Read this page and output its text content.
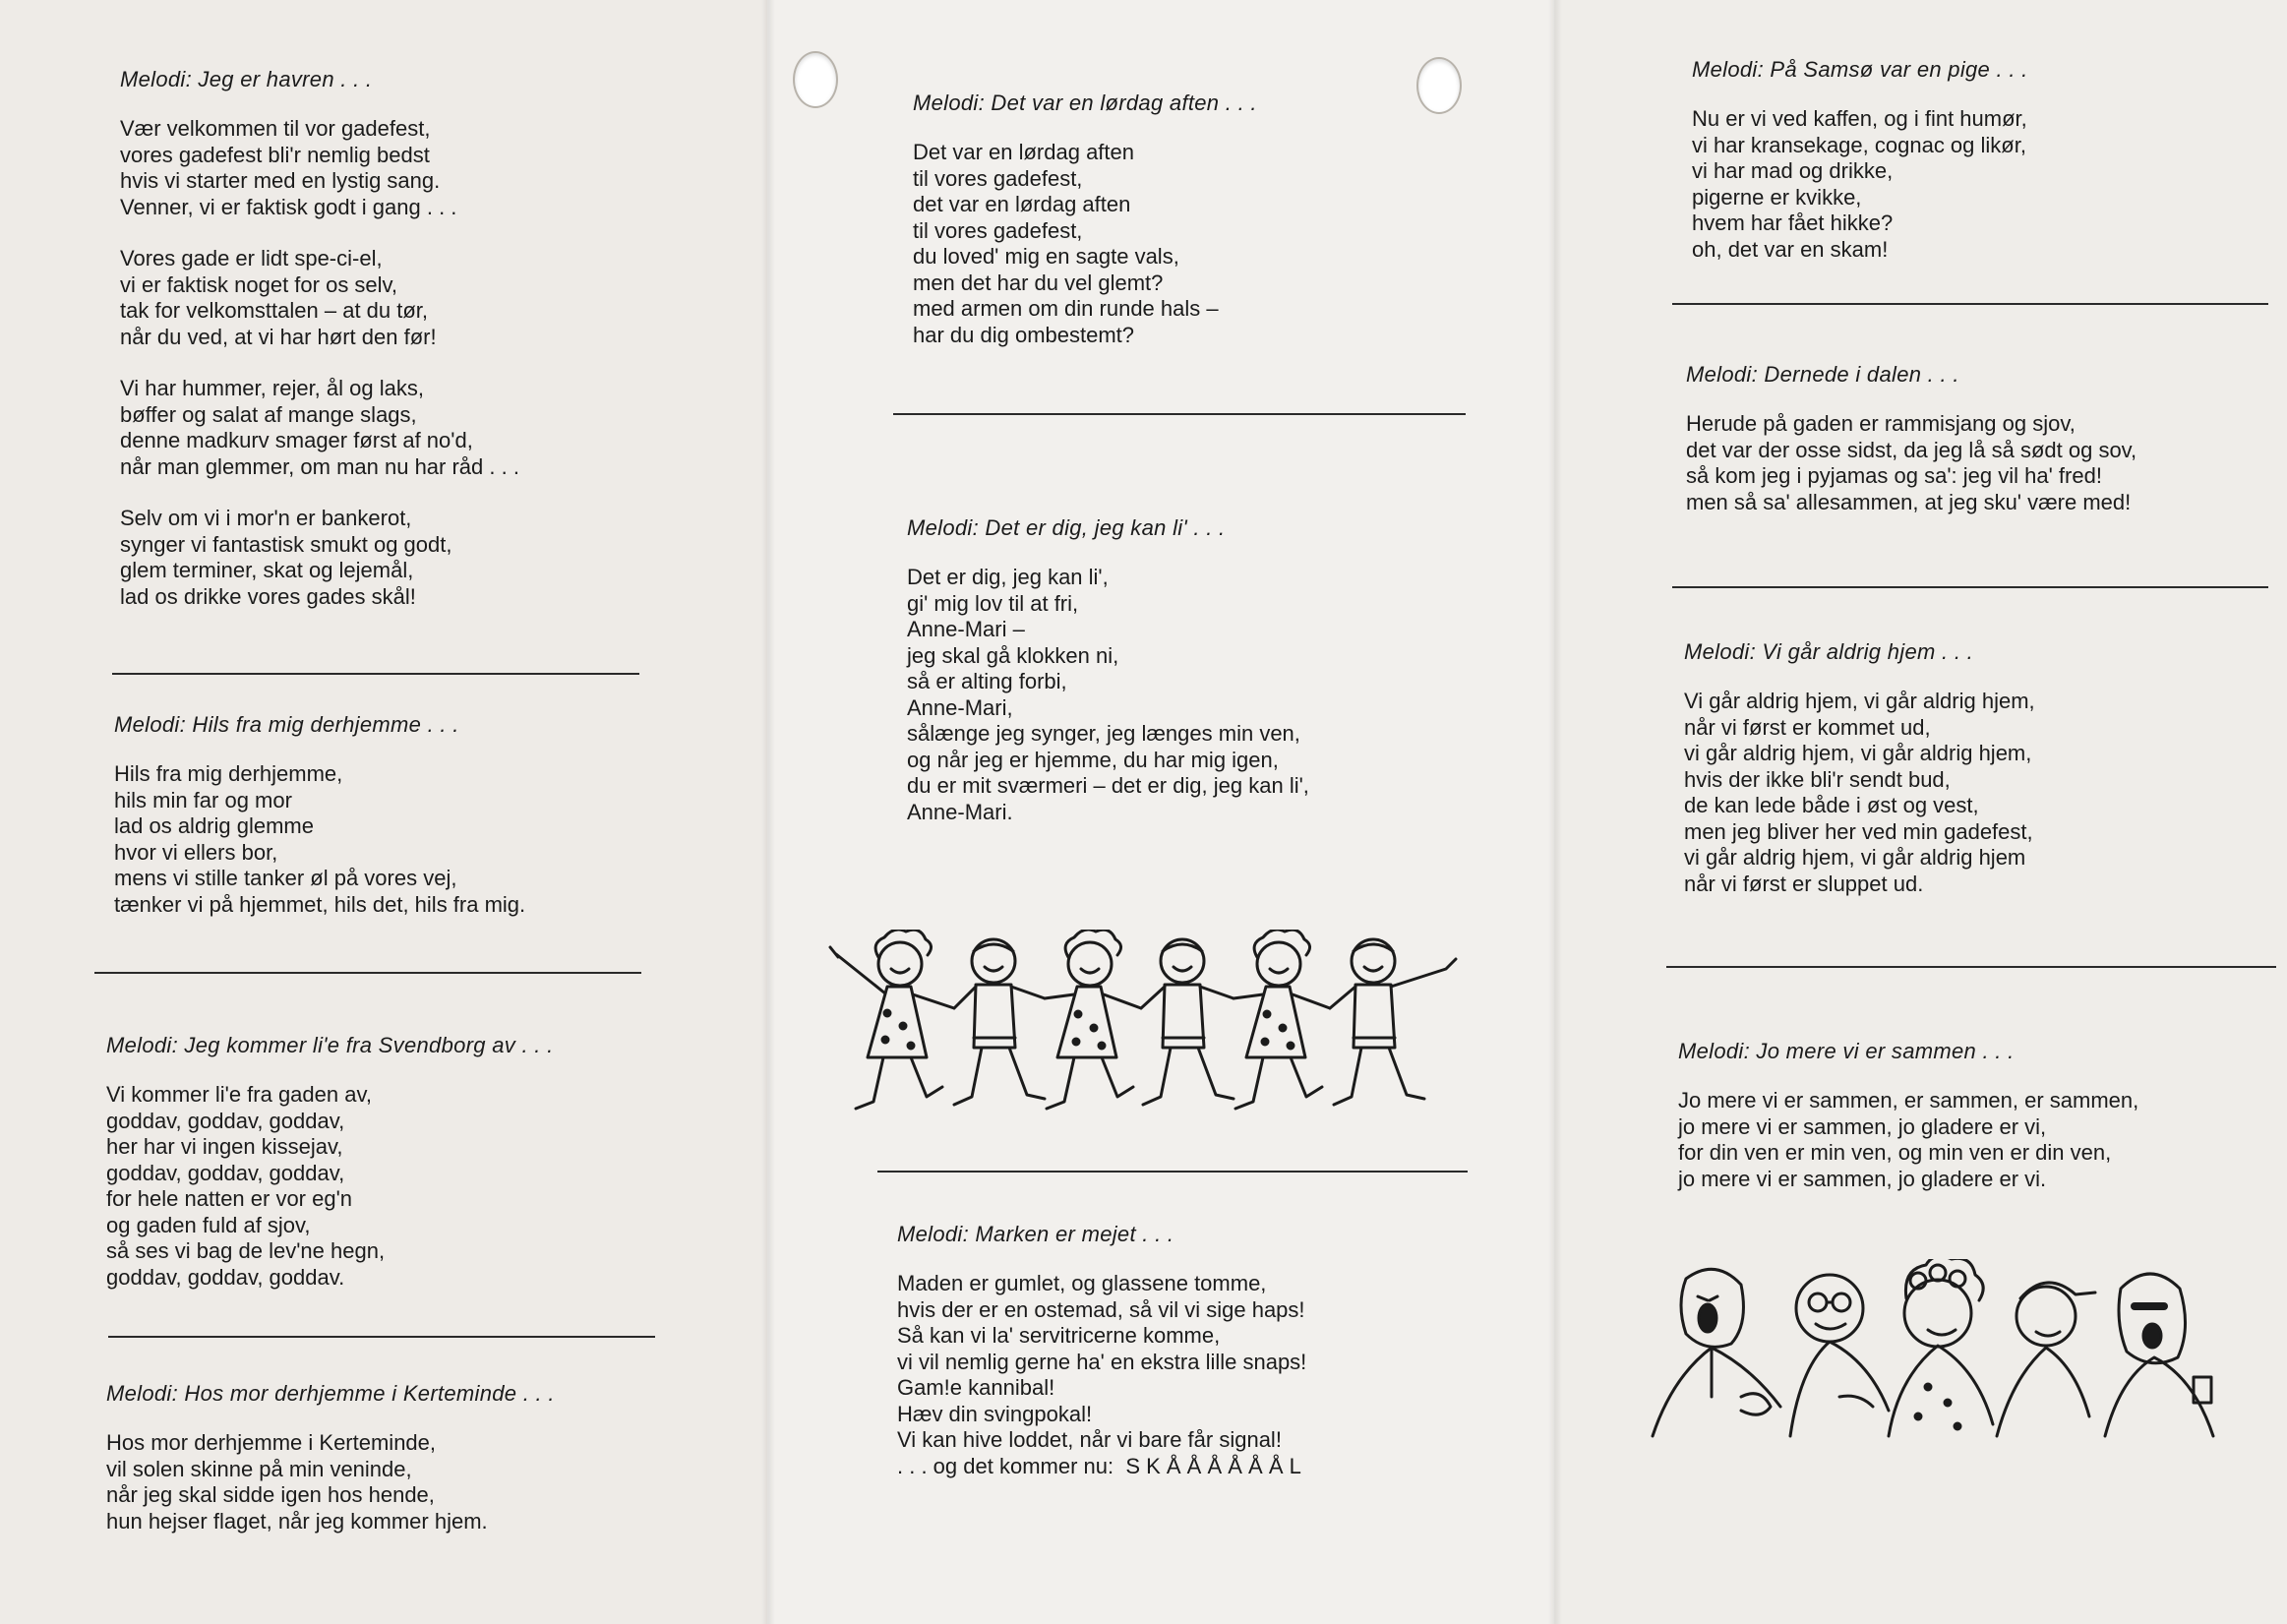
Melodi: Jeg er havren . . .
Vær velkommen til vor gadefest,
vores gadefest bli'r nemlig bedst
hvis vi starter med en lystig sang.
Venner, vi er faktisk godt i gang . . .
Vores gade er lidt spe-ci-el,
vi er faktisk noget for os selv,
tak for velkomsttalen – at du tør,
når du ved, at vi har hørt den før!
Vi har hummer, rejer, ål og laks,
bøffer og salat af mange slags,
denne madkurv smager først af no'd,
når man glemmer, om man nu har råd . . .
Selv om vi i mor'n er bankerot,
synger vi fantastisk smukt og godt,
glem terminer, skat og lejemål,
lad os drikke vores gades skål!
Melodi: Hils fra mig derhjemme . . .
Hils fra mig derhjemme,
hils min far og mor
lad os aldrig glemme
hvor vi ellers bor,
mens vi stille tanker øl på vores vej,
tænker vi på hjemmet, hils det, hils fra mig.
Melodi: Jeg kommer li'e fra Svendborg av . . .
Vi kommer li'e fra gaden av,
goddav, goddav, goddav,
her har vi ingen kissejav,
goddav, goddav, goddav,
for hele natten er vor eg'n
og gaden fuld af sjov,
så ses vi bag de lev'ne hegn,
goddav, goddav, goddav.
Melodi: Hos mor derhjemme i Kerteminde . . .
Hos mor derhjemme i Kerteminde,
vil solen skinne på min veninde,
når jeg skal sidde igen hos hende,
hun hejser flaget, når jeg kommer hjem.
Melodi: Det var en lørdag aften . . .
Det var en lørdag aften
til vores gadefest,
det var en lørdag aften
til vores gadefest,
du loved' mig en sagte vals,
men det har du vel glemt?
med armen om din runde hals –
har du dig ombestemt?
Melodi: Det er dig, jeg kan li' . . .
Det er dig, jeg kan li',
gi' mig lov til at fri,
Anne-Mari –
jeg skal gå klokken ni,
så er alting forbi,
Anne-Mari,
sålænge jeg synger, jeg længes min ven,
og når jeg er hjemme, du har mig igen,
du er mit sværmeri – det er dig, jeg kan li',
Anne-Mari.
Melodi: Marken er mejet . . .
Maden er gumlet, og glassene tomme,
hvis der er en ostemad, så vil vi sige haps!
Så kan vi la' servitricerne komme,
vi vil nemlig gerne ha' en ekstra lille snaps!
Gam!e kannibal!
Hæv din svingpokal!
Vi kan hive loddet, når vi bare får signal!
. . . og det kommer nu:  S K Å Å Å Å Å Å L
Melodi: På Samsø var en pige . . .
Nu er vi ved kaffen, og i fint humør,
vi har kransekage, cognac og likør,
vi har mad og drikke,
pigerne er kvikke,
hvem har fået hikke?
oh, det var en skam!
Melodi: Dernede i dalen . . .
Herude på gaden er rammisjang og sjov,
det var der osse sidst, da jeg lå så sødt og sov,
så kom jeg i pyjamas og sa': jeg vil ha' fred!
men så sa' allesammen, at jeg sku' være med!
Melodi: Vi går aldrig hjem . . .
Vi går aldrig hjem, vi går aldrig hjem,
når vi først er kommet ud,
vi går aldrig hjem, vi går aldrig hjem,
hvis der ikke bli'r sendt bud,
de kan lede både i øst og vest,
men jeg bliver her ved min gadefest,
vi går aldrig hjem, vi går aldrig hjem
når vi først er sluppet ud.
Melodi: Jo mere vi er sammen . . .
Jo mere vi er sammen, er sammen, er sammen,
jo mere vi er sammen, jo gladere er vi,
for din ven er min ven, og min ven er din ven,
jo mere vi er sammen, jo gladere er vi.
